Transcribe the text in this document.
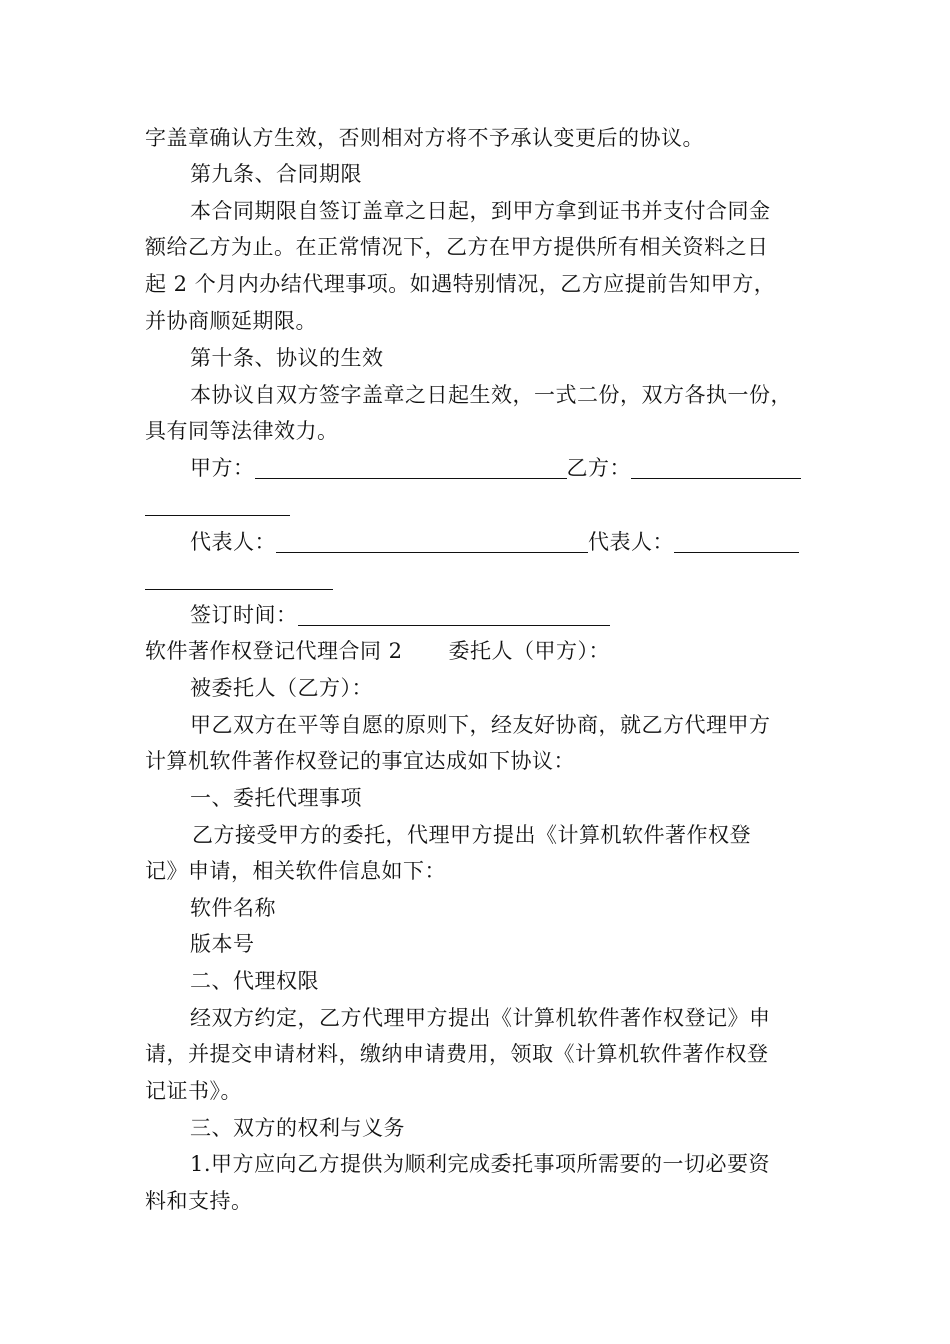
字盖章确认方生效，否则相对方将不予承认变更后的协议。
第九条、合同期限
本合同期限自签订盖章之日起，到甲方拿到证书并支付合同金
额给乙方为止。在正常情况下，乙方在甲方提供所有相关资料之日
起 2 个月内办结代理事项。如遇特别情况，乙方应提前告知甲方，
并协商顺延期限。
第十条、协议的生效
本协议自双方签字盖章之日起生效，一式二份，双方各执一份，
具有同等法律效力。
甲方：	乙方：
代表人：	代表人：
签订时间：
软件著作权登记代理合同 2 委托人（甲方）：
被委托人（乙方）：
甲乙双方在平等自愿的原则下，经友好协商，就乙方代理甲方
计算机软件著作权登记的事宜达成如下协议：
一、委托代理事项
乙方接受甲方的委托，代理甲方提出《计算机软件著作权登
记》申请，相关软件信息如下：
软件名称
版本号
二、代理权限
经双方约定，乙方代理甲方提出《计算机软件著作权登记》申
请，并提交申请材料，缴纳申请费用，领取《计算机软件著作权登
记证书》。
三、双方的权利与义务
1.甲方应向乙方提供为顺利完成委托事项所需要的一切必要资
料和支持。
